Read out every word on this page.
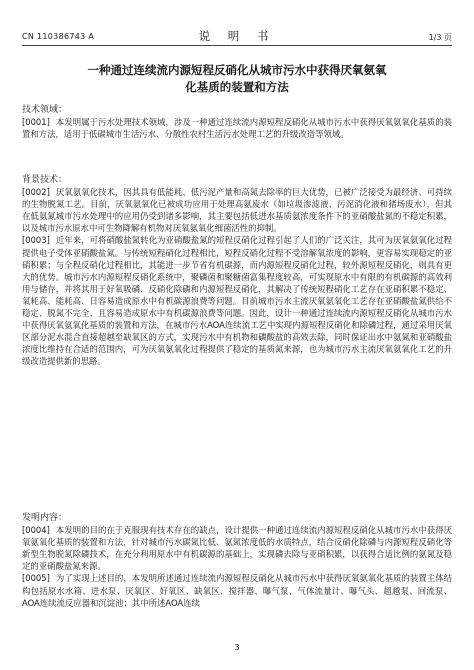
CN 110386743 A	说 明 书	1/3 页
一种通过连续流内源短程反硝化从城市污水中获得厌氧氨氧
化基质的装置和方法

技术领域：

[0001] 本发明属于污水处理技术领域，涉及一种通过连续流内源短程反硝化从城市污水中获得厌氧氨氧化基质的装置和方法，适用于低碳城市生活污水、分散性农村生活污水处理工艺的升级改造等领域。

背景技术：

[0002] 厌氧氨氧化技术，因其具有低能耗、低污泥产量和高氮去除率的巨大优势，已被广泛接受为最经济、可持续的生物脱氮工艺。目前，厌氧氨氧化已被成功应用于处理高氨废水（如垃圾渗滤液、污泥消化液和猪场废水），但其在低氨氮城市污水处理中的应用仍受到诸多影响，其主要包括低进水基质氨浓度条件下的亚硝酸盐氮的不稳定积累，以及城市污水原水中可生物降解有机物对厌氧氨氧化细菌活性的抑制。

[0003] 近年来，可将硝酸盐氮转化为亚硝酸盐氮的短程反硝化过程引起了人们的广泛关注，其可为厌氧氨氧化过程提供电子受体亚硝酸盐氮。与传统短程硝化过程相比，短程反硝化过程不受溶解氧浓度的影响，更容易实现稳定的亚硝积累；与全程反硝化过程相比，其能进一步节省有机碳源，而内源短程反硝化过程，较外源短程反硝化，则具有更大的优势。城市污水内源短程反硝化系统中，聚磷菌和聚糖菌富集程度较高，可实现原水中有限的有机碳源的高效利用与储存，并将其用于好氧吸磷、反硝化除磷和内源短程反硝化，其解决了传统短程硝化工艺存在亚硝积累不稳定、氧耗高、能耗高、日容易造成原水中有机碳源浪费等问题。目前城市污水主流厌氧氨氧化工艺存在亚硝酸盐氮供给不稳定、脱氮不完全、且容易造成原水中有机碳源浪费等问题。因此，设计一种通过连续流内源短程反硝化从城市污水中获得厌氧氨氧化基质的装置和方法，在城市污水AOA连续流工艺中实现内源短程反硝化和除磷过程，通过采用厌氧区部分泥水混合直接超越至缺氧区的方式，实现污水中有机物和磷酸盐的高效去除，同时保证出水中氨氮和亚硝酸盐浓度比维持在合适的范围内，可为厌氧氨氧化过程提供了稳定的基质氮来源，也为城市污水主流厌氧氨氧化工艺的升级改造提供新的思路。

发明内容：

[0004] 本发明的目的在于克服现有技术存在的缺点，设计提供一种通过连续流内源短程反硝化从城市污水中获得厌氧氨氧化基质的装置和方法，针对城市污水碳氮比低、氨氮浓度低的水质特点，结合反硝化除磷与内源短程反硝化等新型生物脱氮除磷技术，在充分利用原水中有机碳源的基础上，实现磷去除与亚硝积累，以获得合适比例的氨氮及稳定的亚硝酸盐氮来源。

[0005] 为了实现上述目的，本发明所述通过连续流内源短程反硝化从城市污水中获得厌氧氨氧化基质的装置主体结构包括原水水箱、进水泵、厌氧区、好氧区、缺氧区、搅拌器、曝气泵、气体流量计、曝气头、超越泵、回流泵、AOA连续流反应器和沉淀池；其中所述AOA连续

3
